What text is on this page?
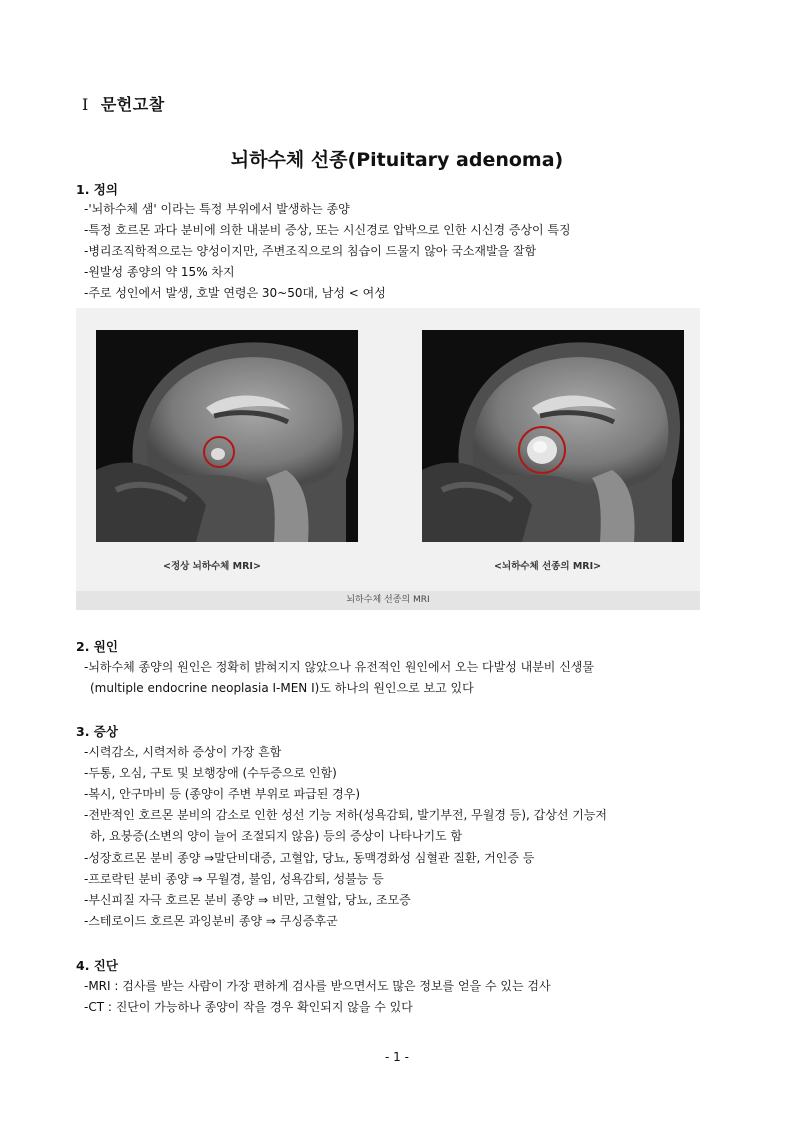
I 문헌고찰
뇌하수체 선종(Pituitary adenoma)
1. 정의
-'뇌하수체 샘' 이라는 특정 부위에서 발생하는 종양
-특정 호르몬 과다 분비에 의한 내분비 증상, 또는 시신경로 압박으로 인한 시신경 증상이 특징
-병리조직학적으로는 양성이지만, 주변조직으로의 침습이 드물지 않아 국소재발을 잘함
-원발성 종양의 약 15% 차지
-주로 성인에서 발생, 호발 연령은 30~50대, 남성 < 여성
<정상 뇌하수체 MRI>	<뇌하수체 선종의 MRI>
뇌하수체 선종의 MRI
2. 원인
-뇌하수체 종양의 원인은 정확히 밝혀지지 않았으나 유전적인 원인에서 오는 다발성 내분비 신생물
(multiple endocrine neoplasia I-MEN I)도 하나의 원인으로 보고 있다
3. 증상
-시력감소, 시력저하 증상이 가장 흔함
-두통, 오심, 구토 및 보행장애 (수두증으로 인함)
-복시, 안구마비 등 (종양이 주변 부위로 파급된 경우)
-전반적인 호르몬 분비의 감소로 인한 성선 기능 저하(성욕감퇴, 발기부전, 무월경 등), 갑상선 기능저
하, 요붕증(소변의 양이 늘어 조절되지 않음) 등의 증상이 나타나기도 함
-성장호르몬 분비 종양 ⇒말단비대증, 고혈압, 당뇨, 동맥경화성 심혈관 질환, 거인증 등
-프로락틴 분비 종양 ⇒ 무월경, 불임, 성욕감퇴, 성불능 등
-부신피질 자극 호르몬 분비 종양 ⇒ 비만, 고혈압, 당뇨, 조모증
-스테로이드 호르몬 과잉분비 종양 ⇒ 쿠싱증후군
4. 진단
-MRI : 검사를 받는 사람이 가장 편하게 검사를 받으면서도 많은 정보를 얻을 수 있는 검사
-CT : 진단이 가능하나 종양이 작을 경우 확인되지 않을 수 있다
- 1 -
